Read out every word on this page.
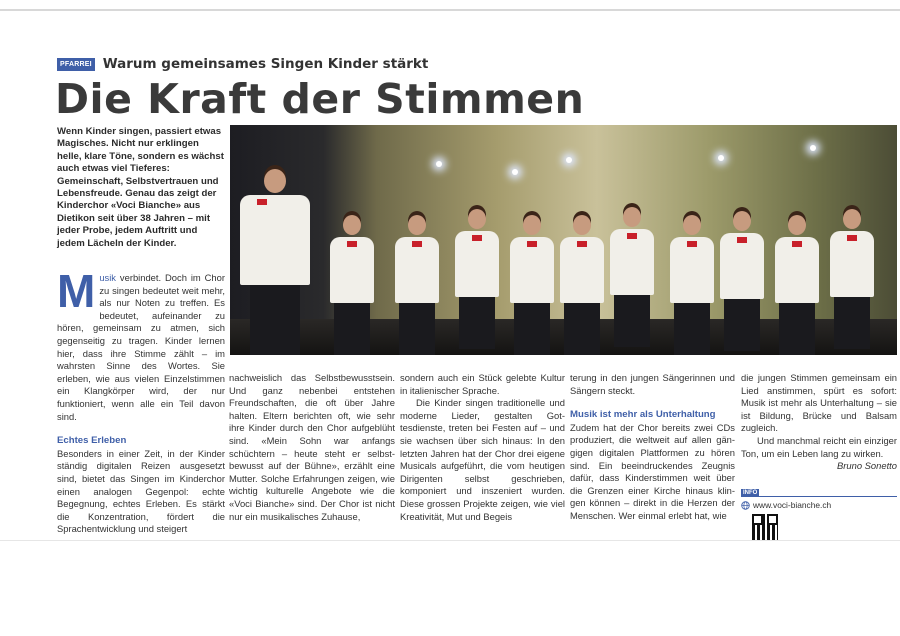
PFARREI Warum gemeinsames Singen Kinder stärkt
Die Kraft der Stimmen

Wenn Kinder singen, passiert etwas Magisches. Nicht nur erklingen helle, klare Töne, sondern es wächst auch etwas viel Tieferes: Gemeinschaft, Selbstvertrauen und Lebensfreude. Genau das zeigt der Kinderchor «Voci Bianche» aus Dietikon seit über 38 Jahren – mit jeder Probe, jedem Auftritt und jedem Lächeln der Kinder.

Musik verbindet. Doch im Chor zu singen bedeutet weit mehr, als nur Noten zu treffen. Es bedeutet, aufeinander zu hören, gemeinsam zu atmen, sich gegenseitig zu tragen. Kinder lernen hier, dass ihre Stimme zählt – im wahrsten Sinne des Wortes. Sie erleben, wie aus vielen Einzelstimmen ein Klangkörper wird, der nur funktioniert, wenn alle ein Teil davon sind.

Echtes Erleben

Besonders in einer Zeit, in der Kinder ständig digitalen Reizen ausgesetzt sind, bietet das Singen im Kinderchor einen analogen Gegenpol: echte Begegnung, echtes Erleben. Es stärkt die Konzentration, fördert die Sprachentwicklung und steigert

nachweislich das Selbstbewusstsein. Und ganz nebenbei entstehen Freundschaften, die oft über Jahre halten. Eltern berichten oft, wie sehr ihre Kinder durch den Chor aufgeblüht sind. «Mein Sohn war anfangs schüchtern – heute steht er selbstbewusst auf der Bühne», erzählt eine Mutter. Solche Erfahrungen zeigen, wie wichtig kulturelle Angebote wie die «Voci Bianche» sind. Der Chor ist nicht nur ein musikalisches Zuhause,

sondern auch ein Stück gelebte Kultur in italienischer Sprache.

Die Kinder singen traditionelle und moderne Lieder, gestalten Gottesdienste, treten bei Festen auf – und sie wachsen über sich hinaus: In den letzten Jahren hat der Chor drei eigene Musicals aufgeführt, die vom heutigen Dirigenten selbst geschrieben, komponiert und inszeniert wurden. Diese grossen Projekte zeigen, wie viel Kreativität, Mut und Begeis

terung in den jungen Sängerinnen und Sängern steckt.

Musik ist mehr als Unterhaltung

Zudem hat der Chor bereits zwei CDs produziert, die weltweit auf allen gängigen digitalen Plattformen zu hören sind. Ein beeindruckendes Zeugnis dafür, dass Kinderstimmen weit über die Grenzen einer Kirche hinaus klingen können – direkt in die Herzen der Menschen. Wer einmal erlebt hat, wie

die jungen Stimmen gemeinsam ein Lied anstimmen, spürt es sofort: Musik ist mehr als Unterhaltung – sie ist Bildung, Brücke und Balsam zugleich.

Und manchmal reicht ein einziger Ton, um ein Leben lang zu wirken.

Bruno Sonetto

INFO
www.voci-bianche.ch
